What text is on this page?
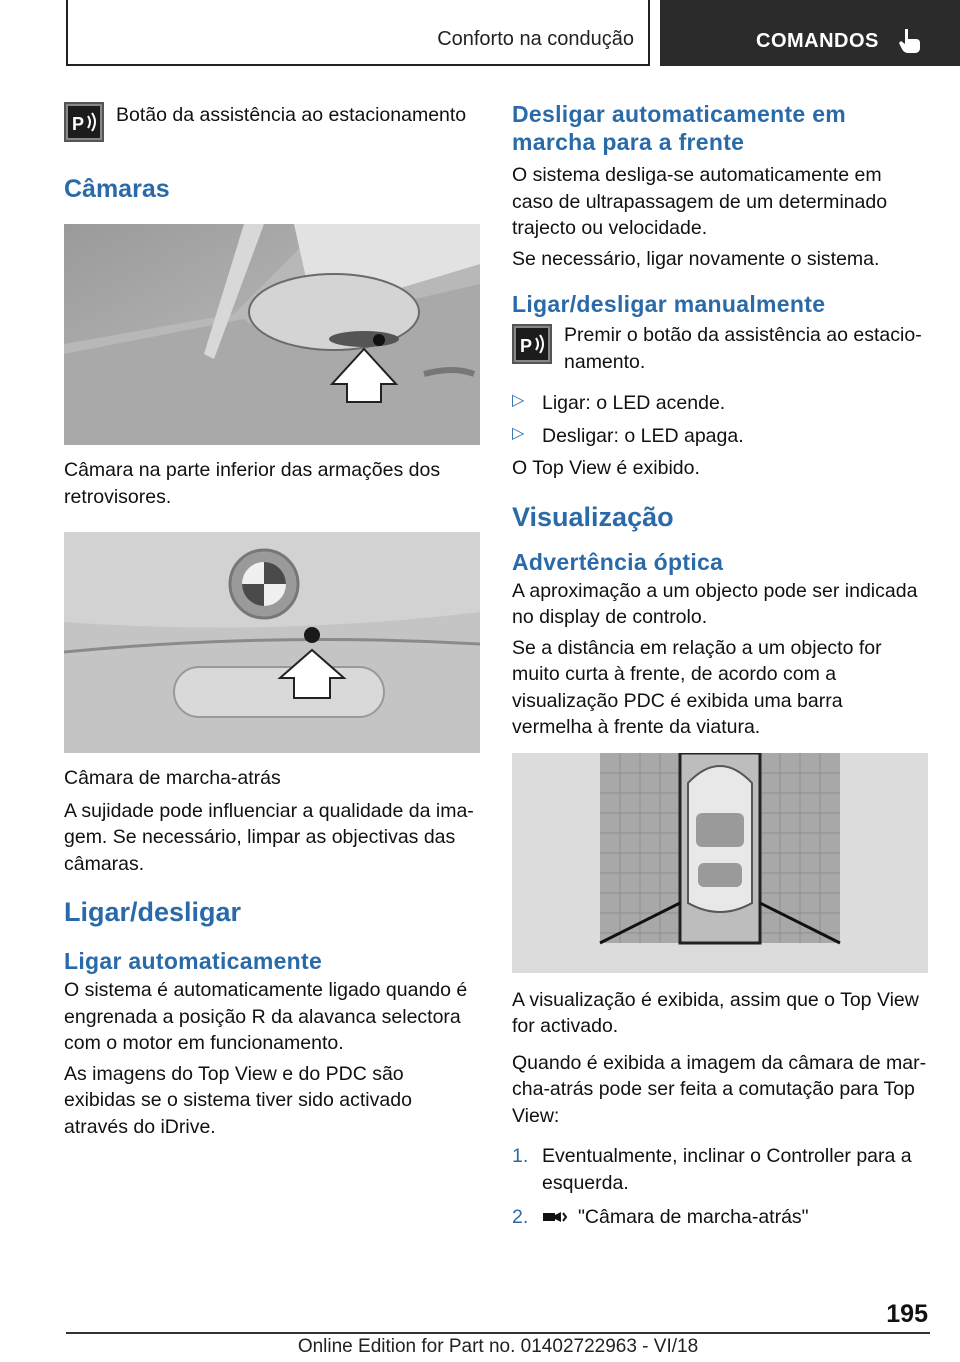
Conforto na condução	COMANDOS
P	Botão da assistência ao estacionamento

Câmaras

Câmara na parte inferior das armações dos retrovisores.

Câmara de marcha-atrás

A sujidade pode influenciar a qualidade da imagem. Se necessário, limpar as objectivas das câmaras.

Ligar/desligar
Ligar automaticamente

O sistema é automaticamente ligado quando é engrenada a posição R da alavanca selectora com o motor em funcionamento.

As imagens do Top View e do PDC são exibidas se o sistema tiver sido activado através do iDrive.

Desligar automaticamente em marcha para a frente

O sistema desliga-se automaticamente em caso de ultrapassagem de um determinado trajecto ou velocidade.

Se necessário, ligar novamente o sistema.

Ligar/desligar manualmente
P	Premir o botão da assistência ao estacionamento.

▷ Ligar: o LED acende.

▷ Desligar: o LED apaga.

O Top View é exibido.

Visualização
Advertência óptica

A aproximação a um objecto pode ser indicada no display de controlo.

Se a distância em relação a um objecto for muito curta à frente, de acordo com a visualização PDC é exibida uma barra vermelha à frente da viatura.

A visualização é exibida, assim que o Top View for activado.

Quando é exibida a imagem da câmara de marcha-atrás pode ser feita a comutação para Top View:

1. Eventualmente, inclinar o Controller para a esquerda.

2.	"Câmara de marcha-atrás"

195
Online Edition for Part no. 01402722963 - VI/18
